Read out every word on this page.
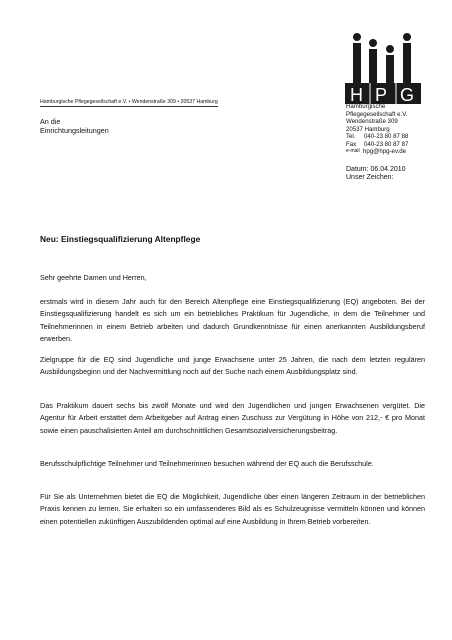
H P G
Hamburgische Pflegegesellschaft e.V. • Wendenstraße 309 • 20537 Hamburg
An die
Einrichtungsleitungen
Hamburgische
Pflegegesellschaft e.V.
Wendenstraße 309
20537 Hamburg
Tel.	040-23 80 87 88
Fax	040-23 80 87 87
e-mail hpg@hpg-ev.de
Datum: 06.04.2010
Unser Zeichen:
Neu: Einstiegsqualifizierung Altenpflege
Sehr geehrte Damen und Herren,

erstmals wird in diesem Jahr auch für den Bereich Altenpflege eine Einstiegsqualifizierung (EQ) angeboten. Bei der Einstiegsqualifizierung handelt es sich um ein betriebliches Praktikum für Jugendliche, in dem die Teilnehmer und Teilnehmerinnen in einem Betrieb arbeiten und dadurch Grundkenntnisse für einen anerkannten Ausbildungsberuf erwerben.

Zielgruppe für die EQ sind Jugendliche und junge Erwachsene unter 25 Jahren, die nach dem letzten regulären Ausbildungsbeginn und der Nachvermittlung noch auf der Suche nach einem Ausbildungsplatz sind.

Das Praktikum dauert sechs bis zwölf Monate und wird den Jugendlichen und jungen Erwachsenen vergütet. Die Agentur für Arbeit erstattet dem Arbeitgeber auf Antrag einen Zuschuss zur Vergütung in Höhe von 212,- € pro Monat sowie einen pauschalisierten Anteil am durchschnittlichen Gesamtsozialversicherungsbeitrag.

Berufsschulpflichtige Teilnehmer und Teilnehmerinnen besuchen während der EQ auch die Berufsschule.

Für Sie als Unternehmen bietet die EQ die Möglichkeit, Jugendliche über einen längeren Zeitraum in der betrieblichen Praxis kennen zu lernen. Sie erhalten so ein umfassenderes Bild als es Schulzeugnisse vermitteln können und können einen potentiellen zukünftigen Auszubildenden optimal auf eine Ausbildung in Ihrem Betrieb vorbereiten.
